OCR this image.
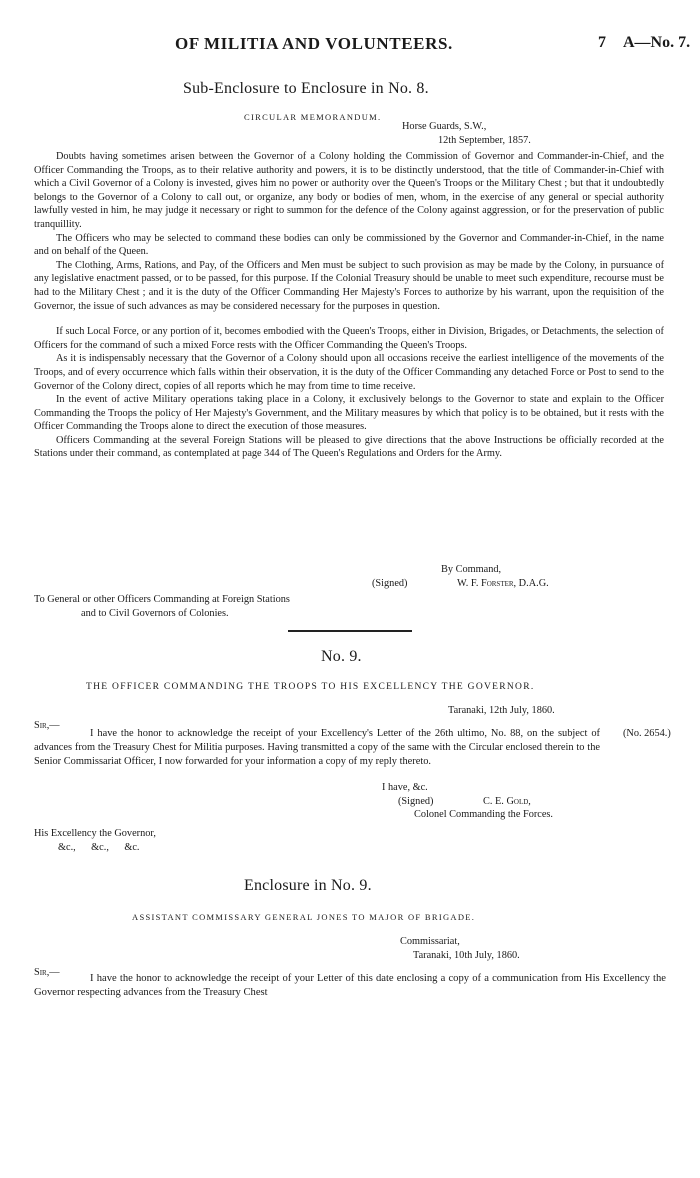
OF MILITIA AND VOLUNTEERS.	7 A—No. 7.
Sub-Enclosure to Enclosure in No. 8.
CIRCULAR MEMORANDUM.
Horse Guards, S.W.,
12th September, 1857.

Doubts having sometimes arisen between the Governor of a Colony holding the Commission of Governor and Commander-in-Chief, and the Officer Commanding the Troops, as to their relative authority and powers, it is to be distinctly understood, that the title of Commander-in-Chief with which a Civil Governor of a Colony is invested, gives him no power or authority over the Queen's Troops or the Military Chest ; but that it undoubtedly belongs to the Governor of a Colony to call out, or organize, any body or bodies of men, whom, in the exercise of any general or special authority lawfully vested in him, he may judge it necessary or right to summon for the defence of the Colony against aggression, or for the preservation of public tranquillity.

The Officers who may be selected to command these bodies can only be commissioned by the Governor and Commander-in-Chief, in the name and on behalf of the Queen.

The Clothing, Arms, Rations, and Pay, of the Officers and Men must be subject to such provision as may be made by the Colony, in pursuance of any legislative enactment passed, or to be passed, for this purpose. If the Colonial Treasury should be unable to meet such expenditure, recourse must be had to the Military Chest ; and it is the duty of the Officer Commanding Her Majesty's Forces to authorize by his warrant, upon the requisition of the Governor, the issue of such advances as may be considered necessary for the purposes in question.

If such Local Force, or any portion of it, becomes embodied with the Queen's Troops, either in Division, Brigades, or Detachments, the selection of Officers for the command of such a mixed Force rests with the Officer Commanding the Queen's Troops.

As it is indispensably necessary that the Governor of a Colony should upon all occasions receive the earliest intelligence of the movements of the Troops, and of every occurrence which falls within their observation, it is the duty of the Officer Commanding any detached Force or Post to send to the Governor of the Colony direct, copies of all reports which he may from time to time receive.

In the event of active Military operations taking place in a Colony, it exclusively belongs to the Governor to state and explain to the Officer Commanding the Troops the policy of Her Majesty's Government, and the Military measures by which that policy is to be obtained, but it rests with the Officer Commanding the Troops alone to direct the execution of those measures.

Officers Commanding at the several Foreign Stations will be pleased to give directions that the above Instructions be officially recorded at the Stations under their command, as contemplated at page 344 of The Queen's Regulations and Orders for the Army.

By Command,
(Signed)	W. F. Forster, D.A.G.
To General or other Officers Commanding at Foreign Stations
and to Civil Governors of Colonies.
No. 9.
THE OFFICER COMMANDING THE TROOPS TO HIS EXCELLENCY THE GOVERNOR.
Taranaki, 12th July, 1860.
Sir,—
(No. 2654.)

I have the honor to acknowledge the receipt of your Excellency's Letter of the 26th ultimo, No. 88, on the subject of advances from the Treasury Chest for Militia purposes. Having transmitted a copy of the same with the Circular enclosed therein to the Senior Commissariat Officer, I now forwarded for your information a copy of my reply thereto.

I have, &c.
(Signed)	C. E. Gold,
Colonel Commanding the Forces.
His Excellency the Governor,
&c.,      &c.,      &c.
Enclosure in No. 9.
ASSISTANT COMMISSARY GENERAL JONES TO MAJOR OF BRIGADE.
Commissariat,
Taranaki, 10th July, 1860.
Sir,—

I have the honor to acknowledge the receipt of your Letter of this date enclosing a copy of a communication from His Excellency the Governor respecting advances from the Treasury Chest
